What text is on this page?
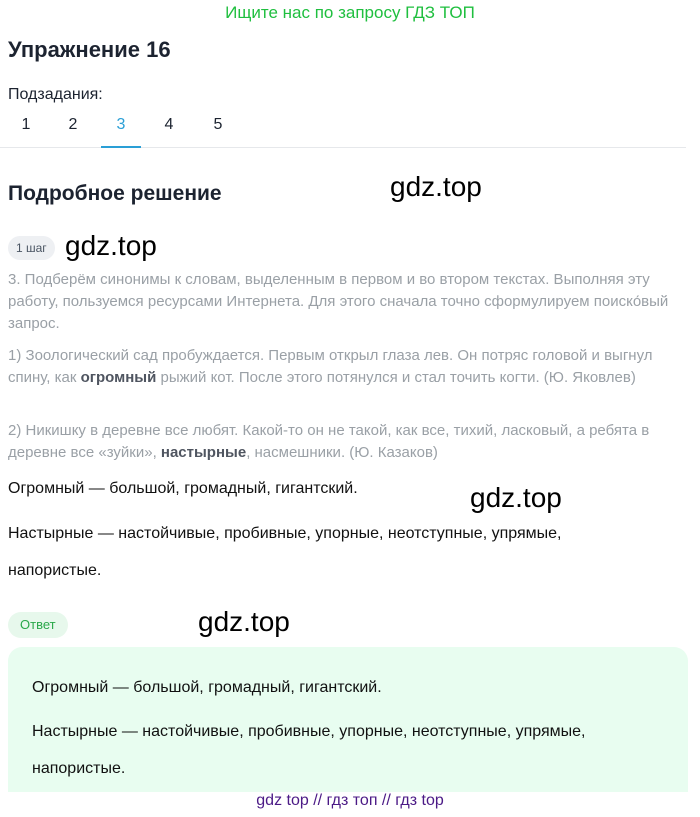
Ищите нас по запросу ГДЗ ТОП
Упражнение 16
Подзадания:
1	2	3	4	5
Подробное решение	gdz.top
1 шаг gdz.top

3. Подберём синонимы к словам, выделенным в первом и во втором текстах. Выполняя эту работу, пользуемся ресурсами Интернета. Для этого сначала точно сформулируем поиско́вый запрос.

1) Зоологический сад пробуждается. Первым открыл глаза лев. Он потряс головой и выгнул спину, как огромный рыжий кот. После этого потянулся и стал точить когти. (Ю. Яковлев)

2) Никишку в деревне все любят. Какой-то он не такой, как все, тихий, ласковый, а ребята в деревне все «зуйки», настырные, насмешники. (Ю. Казаков)

Огромный — большой, громадный, гигантский.	gdz.top
Настырные — настойчивые, пробивные, упорные, неотступные, упрямые,
напористые.
Ответ	gdz.top
Огромный — большой, громадный, гигантский.
Настырные — настойчивые, пробивные, упорные, неотступные, упрямые,
напористые.
gdz top // гдз топ // гдз top
